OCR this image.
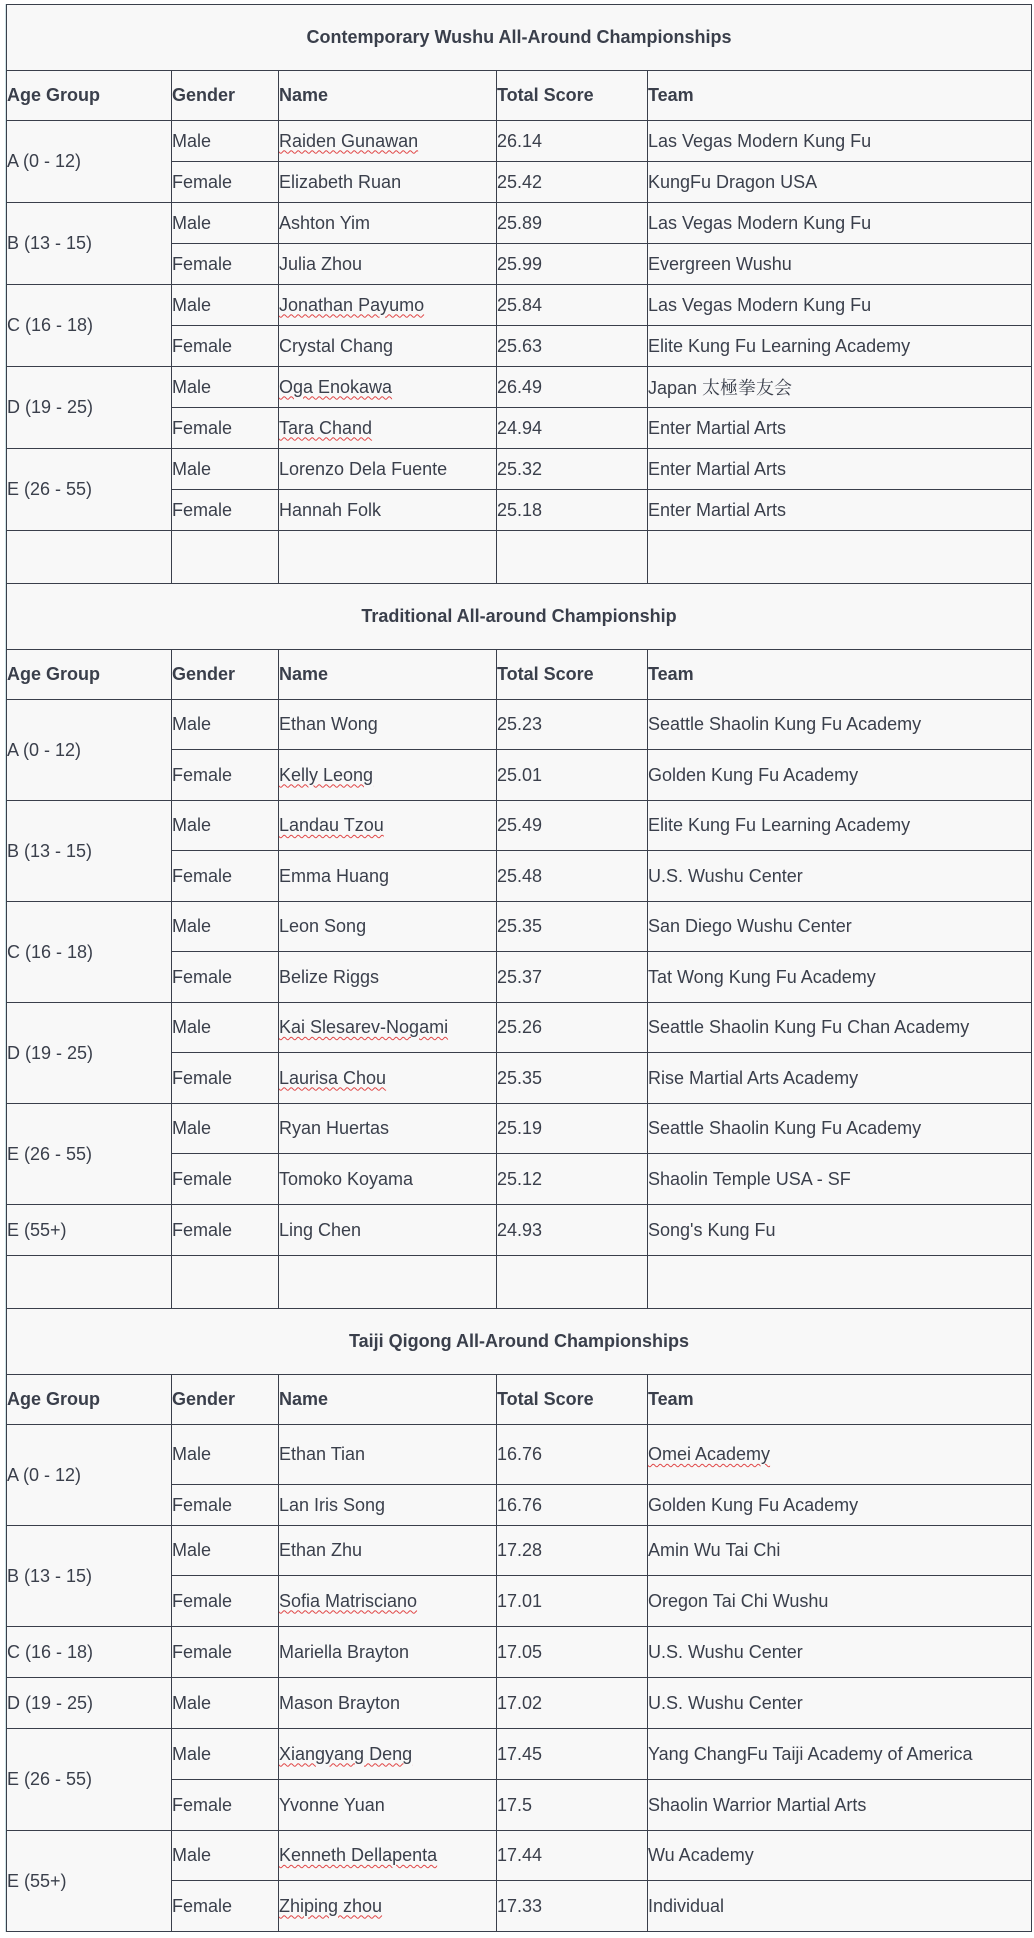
Contemporary Wushu All-Around Championships				
Age Group	Gender	Name	Total Score	Team
A (0 - 12)	Male	Raiden Gunawan	26.14	Las Vegas Modern Kung Fu
	Female	Elizabeth Ruan	25.42	KungFu Dragon USA
B (13 - 15)	Male	Ashton Yim	25.89	Las Vegas Modern Kung Fu
	Female	Julia Zhou	25.99	Evergreen Wushu
C (16 - 18)	Male	Jonathan Payumo	25.84	Las Vegas Modern Kung Fu
	Female	Crystal Chang	25.63	Elite Kung Fu Learning Academy
D (19 - 25)	Male	Oga Enokawa	26.49	Japan 太極拳友会
	Female	Tara Chand	24.94	Enter Martial Arts
E (26 - 55)	Male	Lorenzo Dela Fuente	25.32	Enter Martial Arts
	Female	Hannah Folk	25.18	Enter Martial Arts

Traditional All-around Championship				
Age Group	Gender	Name	Total Score	Team
A (0 - 12)	Male	Ethan Wong	25.23	Seattle Shaolin Kung Fu Academy
	Female	Kelly Leong	25.01	Golden Kung Fu Academy
B (13 - 15)	Male	Landau Tzou	25.49	Elite Kung Fu Learning Academy
	Female	Emma Huang	25.48	U.S. Wushu Center
C (16 - 18)	Male	Leon Song	25.35	San Diego Wushu Center
	Female	Belize Riggs	25.37	Tat Wong Kung Fu Academy
D (19 - 25)	Male	Kai Slesarev-Nogami	25.26	Seattle Shaolin Kung Fu Chan Academy
	Female	Laurisa Chou	25.35	Rise Martial Arts Academy
E (26 - 55)	Male	Ryan Huertas	25.19	Seattle Shaolin Kung Fu Academy
	Female	Tomoko Koyama	25.12	Shaolin Temple USA - SF
E (55+)	Female	Ling Chen	24.93	Song's Kung Fu

Taiji Qigong All-Around Championships				
Age Group	Gender	Name	Total Score	Team
A (0 - 12)	Male	Ethan Tian	16.76	Omei Academy
	Female	Lan Iris Song	16.76	Golden Kung Fu Academy
B (13 - 15)	Male	Ethan Zhu	17.28	Amin Wu Tai Chi
	Female	Sofia Matrisciano	17.01	Oregon Tai Chi Wushu
C (16 - 18)	Female	Mariella Brayton	17.05	U.S. Wushu Center
D (19 - 25)	Male	Mason Brayton	17.02	U.S. Wushu Center
E (26 - 55)	Male	Xiangyang Deng	17.45	Yang ChangFu Taiji Academy of America
	Female	Yvonne Yuan	17.5	Shaolin Warrior Martial Arts
E (55+)	Male	Kenneth Dellapenta	17.44	Wu Academy
	Female	Zhiping zhou	17.33	Individual
